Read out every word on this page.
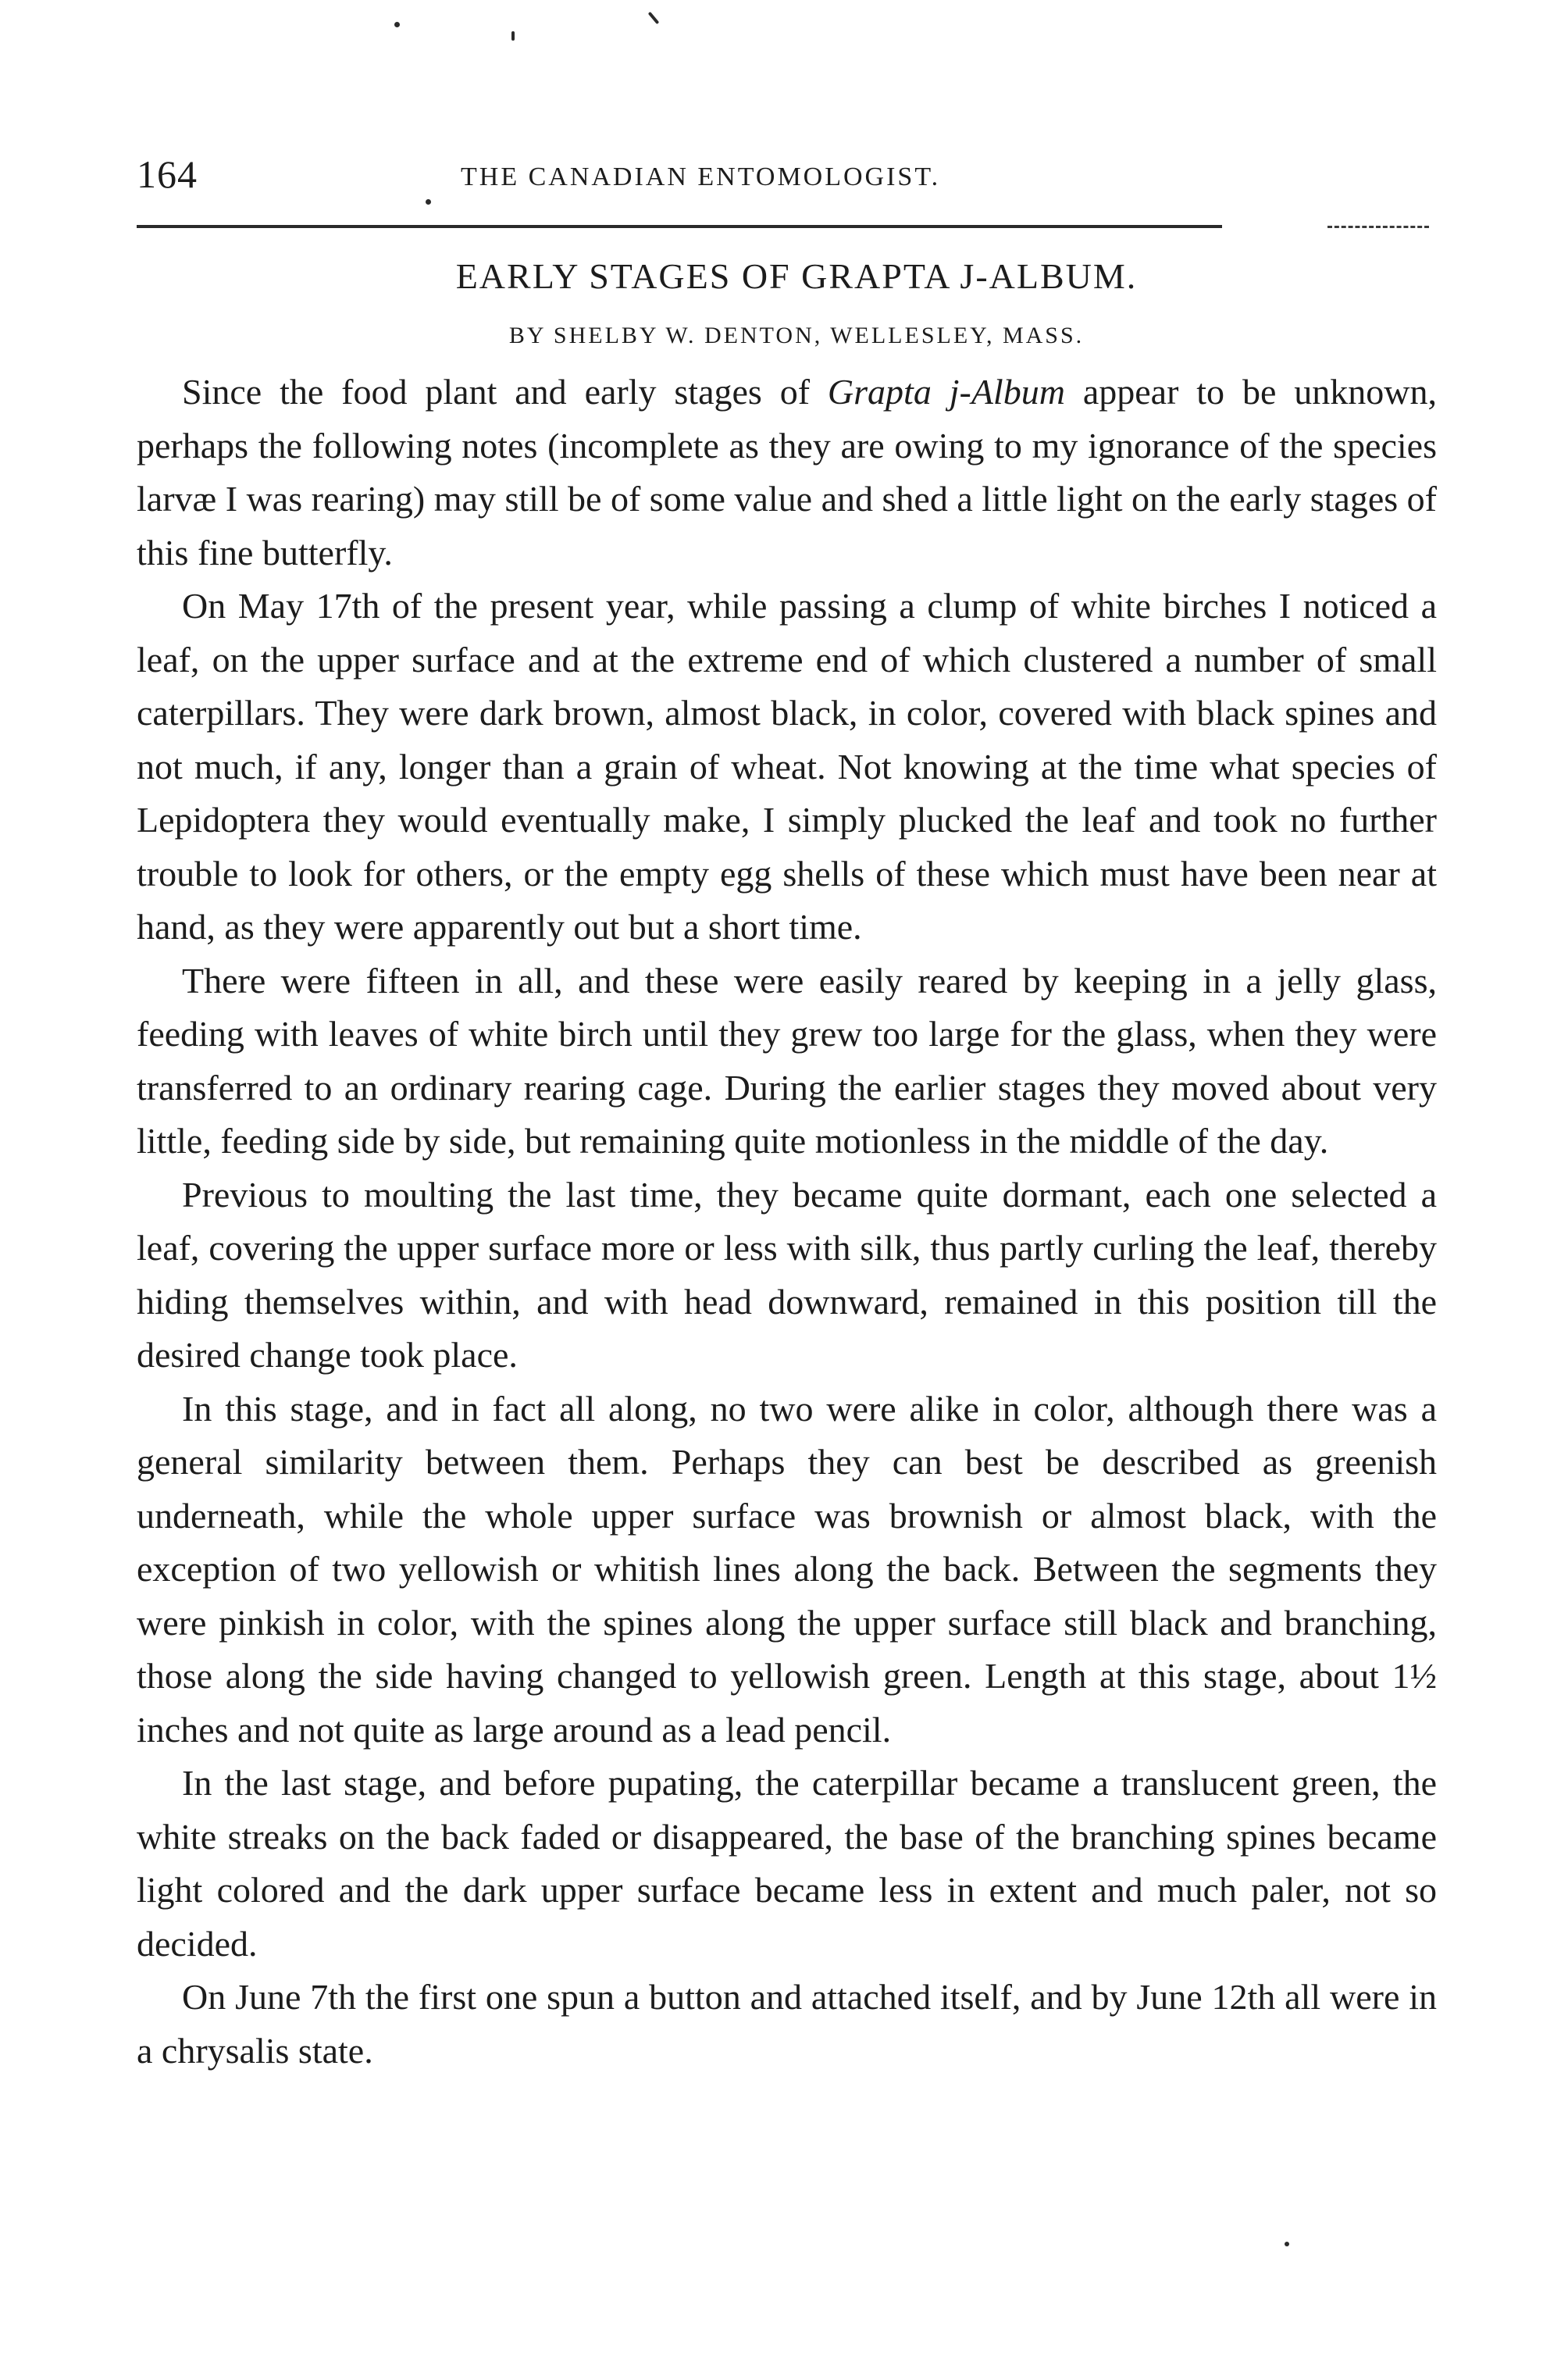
164	THE CANADIAN ENTOMOLOGIST.
EARLY STAGES OF GRAPTA J-ALBUM.
BY SHELBY W. DENTON, WELLESLEY, MASS.

Since the food plant and early stages of Grapta j-Album appear to be unknown, perhaps the following notes (incomplete as they are owing to my ignorance of the species larvæ I was rearing) may still be of some value and shed a little light on the early stages of this fine butterfly.

On May 17th of the present year, while passing a clump of white birches I noticed a leaf, on the upper surface and at the extreme end of which clustered a number of small caterpillars. They were dark brown, almost black, in color, covered with black spines and not much, if any, longer than a grain of wheat. Not knowing at the time what species of Lepidoptera they would eventually make, I simply plucked the leaf and took no further trouble to look for others, or the empty egg shells of these which must have been near at hand, as they were apparently out but a short time.

There were fifteen in all, and these were easily reared by keeping in a jelly glass, feeding with leaves of white birch until they grew too large for the glass, when they were transferred to an ordinary rearing cage. During the earlier stages they moved about very little, feeding side by side, but remaining quite motionless in the middle of the day.

Previous to moulting the last time, they became quite dormant, each one selected a leaf, covering the upper surface more or less with silk, thus partly curling the leaf, thereby hiding themselves within, and with head downward, remained in this position till the desired change took place.

In this stage, and in fact all along, no two were alike in color, although there was a general similarity between them. Perhaps they can best be described as greenish underneath, while the whole upper surface was brownish or almost black, with the exception of two yellowish or whitish lines along the back. Between the segments they were pinkish in color, with the spines along the upper surface still black and branching, those along the side having changed to yellowish green. Length at this stage, about 1½ inches and not quite as large around as a lead pencil.

In the last stage, and before pupating, the caterpillar became a translucent green, the white streaks on the back faded or disappeared, the base of the branching spines became light colored and the dark upper surface became less in extent and much paler, not so decided.

On June 7th the first one spun a button and attached itself, and by June 12th all were in a chrysalis state.
